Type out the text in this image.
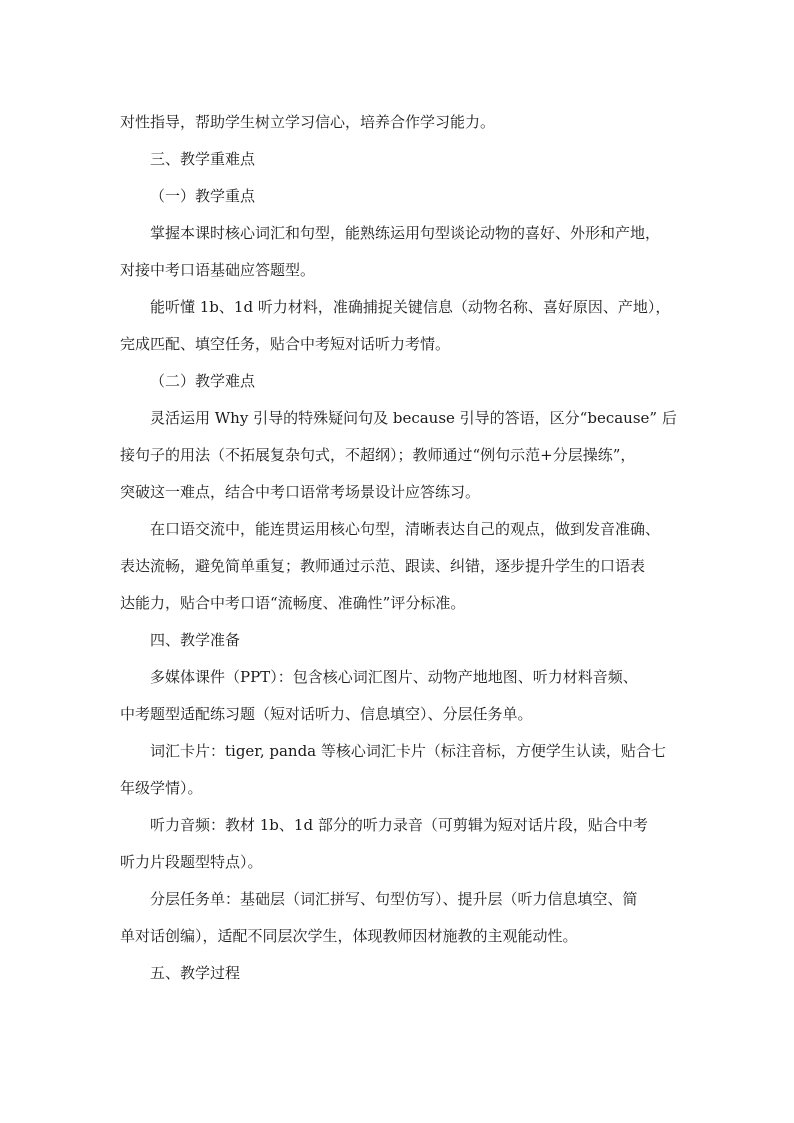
对性指导，帮助学生树立学习信心，培养合作学习能力。
三、教学重难点
（一）教学重点
掌握本课时核心词汇和句型，能熟练运用句型谈论动物的喜好、外形和产地，
对接中考口语基础应答题型。
能听懂 1b、1d 听力材料，准确捕捉关键信息（动物名称、喜好原因、产地），
完成匹配、填空任务，贴合中考短对话听力考情。
（二）教学难点
灵活运用 Why 引导的特殊疑问句及 because 引导的答语，区分“because” 后
接句子的用法（不拓展复杂句式，不超纲）；教师通过“例句示范+分层操练”，
突破这一难点，结合中考口语常考场景设计应答练习。
在口语交流中，能连贯运用核心句型，清晰表达自己的观点，做到发音准确、
表达流畅，避免简单重复；教师通过示范、跟读、纠错，逐步提升学生的口语表
达能力，贴合中考口语“流畅度、准确性”评分标准。
四、教学准备
多媒体课件（PPT）：包含核心词汇图片、动物产地地图、听力材料音频、
中考题型适配练习题（短对话听力、信息填空）、分层任务单。
词汇卡片：tiger, panda 等核心词汇卡片（标注音标，方便学生认读，贴合七
年级学情）。
听力音频：教材 1b、1d 部分的听力录音（可剪辑为短对话片段，贴合中考
听力片段题型特点）。
分层任务单：基础层（词汇拼写、句型仿写）、提升层（听力信息填空、简
单对话创编），适配不同层次学生，体现教师因材施教的主观能动性。
五、教学过程
